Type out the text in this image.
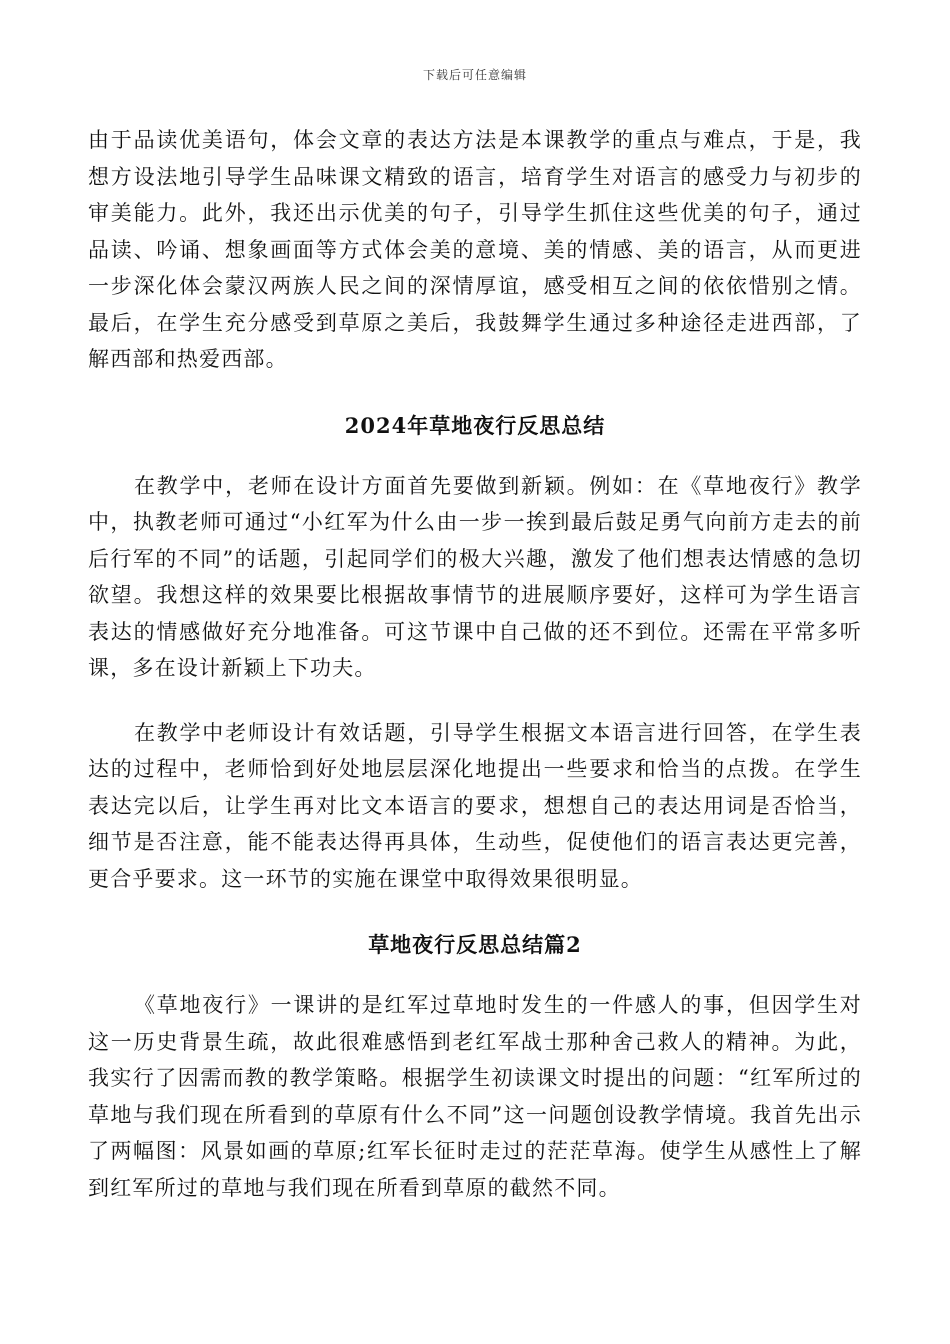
下载后可任意编辑

由于品读优美语句，体会文章的表达方法是本课教学的重点与难点，于是，我想方设法地引导学生品味课文精致的语言，培育学生对语言的感受力与初步的审美能力。此外，我还出示优美的句子，引导学生抓住这些优美的句子，通过品读、吟诵、想象画面等方式体会美的意境、美的情感、美的语言，从而更进一步深化体会蒙汉两族人民之间的深情厚谊，感受相互之间的依依惜别之情。最后，在学生充分感受到草原之美后，我鼓舞学生通过多种途径走进西部，了解西部和热爱西部。

2024年草地夜行反思总结

在教学中，老师在设计方面首先要做到新颖。例如：在《草地夜行》教学中，执教老师可通过“小红军为什么由一步一挨到最后鼓足勇气向前方走去的前后行军的不同”的话题，引起同学们的极大兴趣，激发了他们想表达情感的急切欲望。我想这样的效果要比根据故事情节的进展顺序要好，这样可为学生语言表达的情感做好充分地准备。可这节课中自己做的还不到位。还需在平常多听课，多在设计新颖上下功夫。

在教学中老师设计有效话题，引导学生根据文本语言进行回答，在学生表达的过程中，老师恰到好处地层层深化地提出一些要求和恰当的点拨。在学生表达完以后，让学生再对比文本语言的要求，想想自己的表达用词是否恰当，细节是否注意，能不能表达得再具体，生动些，促使他们的语言表达更完善，更合乎要求。这一环节的实施在课堂中取得效果很明显。

草地夜行反思总结篇2

《草地夜行》一课讲的是红军过草地时发生的一件感人的事，但因学生对这一历史背景生疏，故此很难感悟到老红军战士那种舍己救人的精神。为此，我实行了因需而教的教学策略。根据学生初读课文时提出的问题：“红军所过的草地与我们现在所看到的草原有什么不同”这一问题创设教学情境。我首先出示了两幅图：风景如画的草原;红军长征时走过的茫茫草海。使学生从感性上了解到红军所过的草地与我们现在所看到草原的截然不同。
